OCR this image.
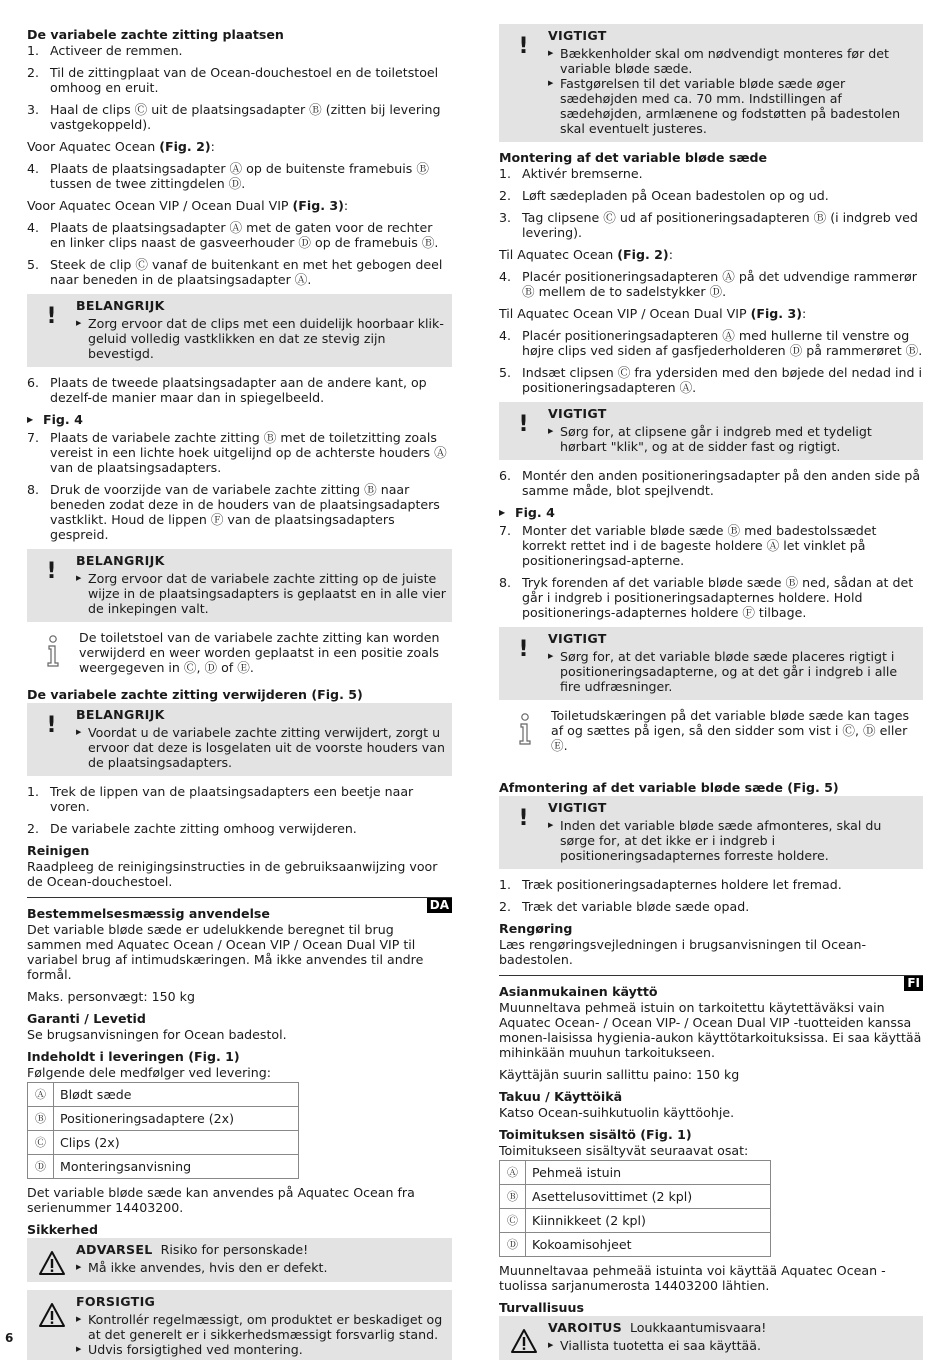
De variabele zachte zitting plaatsen
1. Activeer de remmen.
2. Til de zittingplaat van de Ocean-douchestoel en de toiletstoel omhoog en eruit.
3. Haal de clips Ⓒ uit de plaatsingsadapter Ⓑ (zitten bij levering vastgekoppeld).
Voor Aquatec Ocean (Fig. 2):
4. Plaats de plaatsingsadapter Ⓐ op de buitenste framebuis Ⓑ tussen de twee zittingdelen Ⓓ.
Voor Aquatec Ocean VIP / Ocean Dual VIP (Fig. 3):
4. Plaats de plaatsingsadapter Ⓐ met de gaten voor de rechter en linker clips naast de gasveerhouder Ⓓ op de framebuis Ⓑ.
5. Steek de clip Ⓒ vanaf de buitenkant en met het gebogen deel naar beneden in de plaatsingsadapter Ⓐ.
! BELANGRIJK
▶ Zorg ervoor dat de clips met een duidelijk hoorbaar klik-geluid volledig vastklikken en dat ze stevig zijn bevestigd.
6. Plaats de tweede plaatsingsadapter aan de andere kant, op dezelf-de manier maar dan in spiegelbeeld.
▶ Fig. 4
7. Plaats de variabele zachte zitting Ⓑ met de toiletzitting zoals vereist in een lichte hoek uitgelijnd op de achterste houders Ⓐ van de plaatsingsadapters.
8. Druk de voorzijde van de variabele zachte zitting Ⓑ naar beneden zodat deze in de houders van de plaatsingsadapters vastklikt. Houd de lippen Ⓕ van de plaatsingsadapters gespreid.
! BELANGRIJK
▶ Zorg ervoor dat de variabele zachte zitting op de juiste wijze in de plaatsingsadapters is geplaatst en in alle vier de inkepingen valt.
De toiletstoel van de variabele zachte zitting kan worden verwijderd en weer worden geplaatst in een positie zoals weergegeven in Ⓒ, Ⓓ of Ⓔ.
De variabele zachte zitting verwijderen (Fig. 5)
! BELANGRIJK
▶ Voordat u de variabele zachte zitting verwijdert, zorgt u ervoor dat deze is losgelaten uit de voorste houders van de plaatsingsadapters.
1. Trek de lippen van de plaatsingsadapters een beetje naar voren.
2. De variabele zachte zitting omhoog verwijderen.
Reinigen
Raadpleeg de reinigingsinstructies in de gebruiksaanwijzing voor de Ocean-douchestoel.
DA
Bestemmelsesmæssig anvendelse
Det variable bløde sæde er udelukkende beregnet til brug sammen med Aquatec Ocean / Ocean VIP / Ocean Dual VIP til variabel brug af intimudskæringen. Må ikke anvendes til andre formål.
Maks. personvægt: 150 kg
Garanti / Levetid
Se brugsanvisningen for Ocean badestol.
Indeholdt i leveringen (Fig. 1)
Følgende dele medfølger ved levering:
Ⓐ	Blødt sæde
Ⓑ	Positioneringsadaptere (2x)
Ⓒ	Clips (2x)
Ⓓ	Monteringsanvisning
Det variable bløde sæde kan anvendes på Aquatec Ocean fra serienummer 14403200.
Sikkerhed
ADVARSEL Risiko for personskade!
▶ Må ikke anvendes, hvis den er defekt.
FORSIGTIG
▶ Kontrollér regelmæssigt, om produktet er beskadiget og at det generelt er i sikkerhedsmæssigt forsvarlig stand.
▶ Udvis forsigtighed ved montering.
! VIGTIGT
▶ Bækkenholder skal om nødvendigt monteres før det variable bløde sæde.
▶ Fastgørelsen til det variable bløde sæde øger sædehøjden med ca. 70 mm. Indstillingen af sædehøjden, armlænene og fodstøtten på badestolen skal eventuelt justeres.
Montering af det variable bløde sæde
1. Aktivér bremserne.
2. Løft sædepladen på Ocean badestolen op og ud.
3. Tag clipsene Ⓒ ud af positioneringsadapteren Ⓑ (i indgreb ved levering).
Til Aquatec Ocean (Fig. 2):
4. Placér positioneringsadapteren Ⓐ på det udvendige rammerør Ⓑ mellem de to sadelstykker Ⓓ.
Til Aquatec Ocean VIP / Ocean Dual VIP (Fig. 3):
4. Placér positioneringsadapteren Ⓐ med hullerne til venstre og højre clips ved siden af gasfjederholderen Ⓓ på rammerøret Ⓑ.
5. Indsæt clipsen Ⓒ fra ydersiden med den bøjede del nedad ind i positioneringsadapteren Ⓐ.
! VIGTIGT
▶ Sørg for, at clipsene går i indgreb med et tydeligt hørbart "klik", og at de sidder fast og rigtigt.
6. Montér den anden positioneringsadapter på den anden side på samme måde, blot spejlvendt.
▶ Fig. 4
7. Monter det variable bløde sæde Ⓑ med badestolssædet korrekt rettet ind i de bageste holdere Ⓐ let vinklet på positioneringsad-apterne.
8. Tryk forenden af det variable bløde sæde Ⓑ ned, sådan at det går i indgreb i positioneringsadapternes holdere. Hold positionerings-adapternes holdere Ⓕ tilbage.
! VIGTIGT
▶ Sørg for, at det variable bløde sæde placeres rigtigt i positioneringsadapterne, og at det går i indgreb i alle fire udfræsninger.
Toiletudskæringen på det variable bløde sæde kan tages af og sættes på igen, så den sidder som vist i Ⓒ, Ⓓ eller Ⓔ.
Afmontering af det variable bløde sæde (Fig. 5)
! VIGTIGT
▶ Inden det variable bløde sæde afmonteres, skal du sørge for, at det ikke er i indgreb i positioneringsadapternes forreste holdere.
1. Træk positioneringsadapternes holdere let fremad.
2. Træk det variable bløde sæde opad.
Rengøring
Læs rengøringsvejledningen i brugsanvisningen til Ocean-badestolen.
FI
Asianmukainen käyttö
Muunneltava pehmeä istuin on tarkoitettu käytettäväksi vain Aquatec Ocean- / Ocean VIP- / Ocean Dual VIP -tuotteiden kanssa monen-laisissa hygienia-aukon käyttötarkoituksissa. Ei saa käyttää mihinkään muuhun tarkoitukseen.
Käyttäjän suurin sallittu paino: 150 kg
Takuu / Käyttöikä
Katso Ocean-suihkutuolin käyttöohje.
Toimituksen sisältö (Fig. 1)
Toimitukseen sisältyvät seuraavat osat:
Ⓐ	Pehmeä istuin
Ⓑ	Asettelusovittimet (2 kpl)
Ⓒ	Kiinnikkeet (2 kpl)
Ⓓ	Kokoamisohjeet
Muunneltavaa pehmeää istuinta voi käyttää Aquatec Ocean -tuolissa sarjanumerosta 14403200 lähtien.
Turvallisuus
VAROITUS Loukkaantumisvaara!
▶ Viallista tuotetta ei saa käyttää.
6
